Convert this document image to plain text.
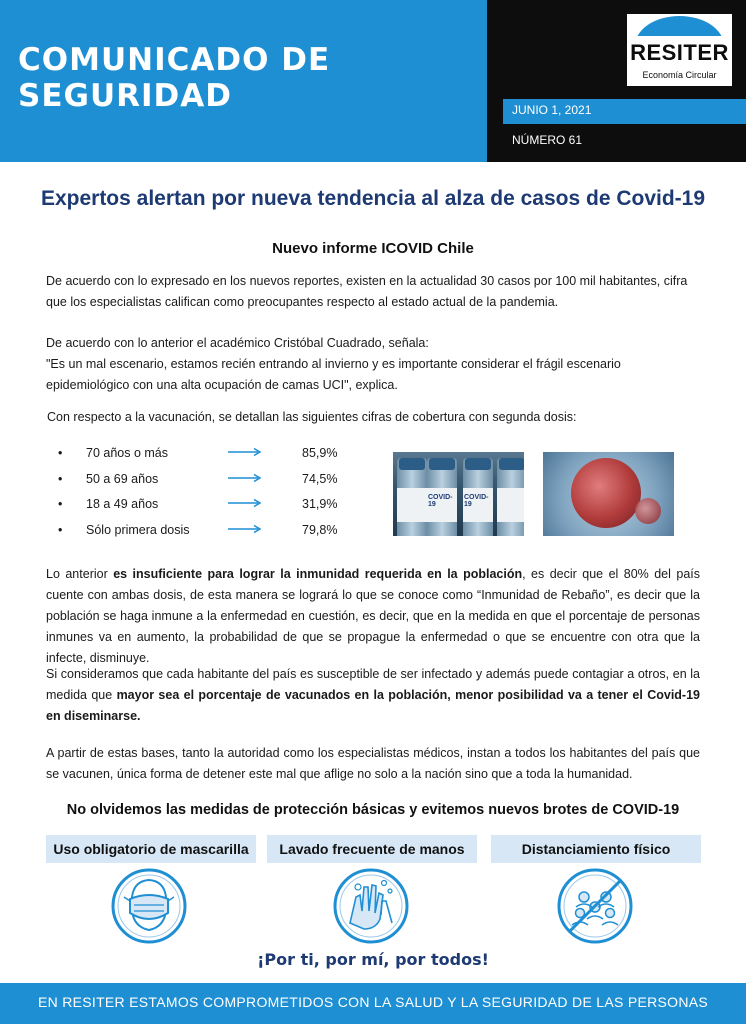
COMUNICADO DE SEGURIDAD
RESITER
Economía Circular
JUNIO 1, 2021
NÚMERO 61
Expertos alertan por nueva tendencia al alza de casos de Covid-19
Nuevo informe ICOVID Chile

De acuerdo con lo expresado en los nuevos reportes, existen en la actualidad 30 casos por 100 mil habitantes, cifra que los especialistas califican como preocupantes respecto al estado actual de la pandemia.

De acuerdo con lo anterior el académico Cristóbal Cuadrado, señala:
"Es un mal escenario, estamos recién entrando al invierno y es importante considerar el frágil escenario epidemiológico con una alta ocupación de camas UCI", explica.

Con respecto a la vacunación, se detallan las siguientes cifras de cobertura con segunda dosis:

• 70 años o más	85,9%
• 50 a 69 años	74,5%
• 18 a 49 años	31,9%
• Sólo primera dosis	79,8%
COVID-19
COVID-19

Lo anterior es insuficiente para lograr la inmunidad requerida en la población, es decir que el 80% del país cuente con ambas dosis, de esta manera se logrará lo que se conoce como “Inmunidad de Rebaño”, es decir que la población se haga inmune a la enfermedad en cuestión, es decir, que en la medida en que el porcentaje de personas inmunes va en aumento, la probabilidad de que se propague la enfermedad o que se encuentre con otra que la infecte, disminuye.

Si consideramos que cada habitante del país es susceptible de ser infectado y además puede contagiar a otros, en la medida que mayor sea el porcentaje de vacunados en la población, menor posibilidad va a tener el Covid-19 en diseminarse.

A partir de estas bases, tanto la autoridad como los especialistas médicos, instan a todos los habitantes del país que se vacunen, única forma de detener este mal que aflige no solo a la nación sino que a toda la humanidad.

No olvidemos las medidas de protección básicas y evitemos nuevos brotes de COVID-19
Uso obligatorio de mascarilla	Lavado frecuente de manos	Distanciamiento físico
¡Por ti, por mí, por todos!
EN RESITER ESTAMOS COMPROMETIDOS CON LA SALUD Y LA SEGURIDAD DE LAS PERSONAS
